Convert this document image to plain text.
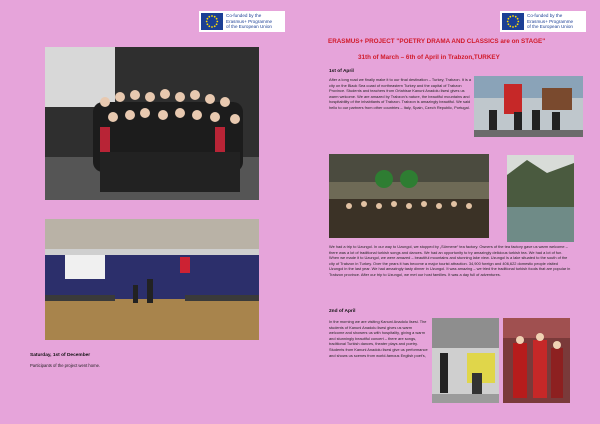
Co-funded by the
Erasmus+ Programme
of the European Union
Co-funded by the
Erasmus+ Programme
of the European Union
Saturday, 1st of December
Participants of the project went home.
ERASMUS+ PROJECT "POETRY DRAMA AND CLASSICS are on STAGE"
31th of March – 6th of April in Trabzon,TURKEY
1st of April
After a long road we finally make it to our final destination – Turkey, Trabzon. It is a city on the Black Sea coast of northeastern Turkey and the capital of Trabzon Province. Students and teachers from Ortahisar Kanuni Anadolu lisesi gives us warm welcome. We are amazed by Trabzon's nature, the beautiful mountains and hospitability of the inhabitants of Trabzon. Trabzon is amazingly beautiful. We said hello to our partners from other countries – Italy, Spain, Czech Republic, Portugal.
We had a trip to Uzungol. In our way to Uzungol, we stopped by „Sürmene“ tea factory. Owners of the tea factory gave us warm welcome – there was a lot of traditional turkish songs and dances. We had an opportunity to try amazingly delicious turkish tea. We had a lot of fun. When we made it to Uzungol, we were amazed – beautiful mountains and stunning lake view. Uzungol is a lake situated to the south of the city of Trabzon in Turkey. Over the years it has become a major tourist attraction. 34,900 foreign and 406,622 domestic people visited Uzungol in the last year. We had amazingly tasty dinner in Uzungol. It was amazing – we tried the traditional turkish foods that are popular in Trabzon province. After our trip to Uzungol, we met our host families. It was a day full of adventures.
2nd of April
In the morning we are visiting Kanuni Anadolu lisesi. The students of Kanuni Anadolu lisesi gives us warm welcome and showers us with hospitality, giving a warm and stunningly beautiful concert – there are songs, traditional Turkish dances, theater plays and poetry. Students from Kanuni Anadolu lisesi give us performance and shows us scenes from world-famous English poet's,
